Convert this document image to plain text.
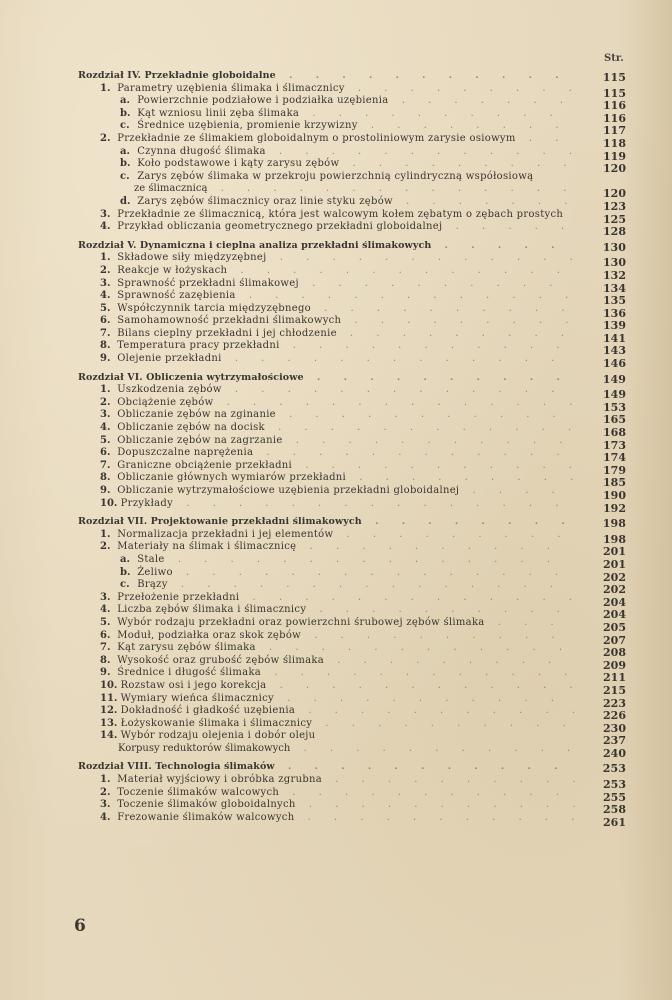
Str.
Rozdział IV. Przekładnie globoidalne . . . . . . . . . . .	115
1. Parametry uzębienia ślimaka i ślimacznicy . . . . . . . . . 115
a. Powierzchnie podziałowe i podziałka uzębienia . . . . . . .	116
b. Kąt wzniosu linii zęba ślimaka . . . . . . . . . .	116
c. Średnice uzębienia, promienie krzywizny . . . . . . . .	117
2. Przekładnie ze ślimakiem globoidalnym o prostoliniowym zarysie osiowym . .	118
a. Czynna długość ślimaka . . . . . . . . . . . . 119
b. Koło podstawowe i kąty zarysu zębów . . . . . . . . . 120
c. Zarys zębów ślimaka w przekroju powierzchnią cylindryczną współosiową
ze ślimacznicą . . . . . . . . . . . . . . 120
d. Zarys zębów ślimacznicy oraz linie styku zębów . . . . . . . 123
3. Przekładnie ze ślimacznicą, która jest walcowym kołem zębatym o zębach prostych	125
4. Przykład obliczania geometrycznego przekładni globoidalnej . . . . .	128
Rozdział V. Dynamiczna i cieplna analiza przekładni ślimakowych . . . . .	130
1. Składowe siły międzyzębnej . . . . . . . . . . . . 130
2. Reakcje w łożyskach . . . . . . . . . . . . .	132
3. Sprawność przekładni ślimakowej . . . . . . . . . .	134
4. Sprawność zazębienia . . . . . . . . . . . . . 135
5. Współczynnik tarcia międzyzębnego . . . . . . . . . .	136
6. Samohamowność przekładni ślimakowych . . . . . . . . . 139
7. Bilans cieplny przekładni i jej chłodzenie . . . . . . . . .	141
8. Temperatura pracy przekładni . . . . . . . . . . .	143
9. Olejenie przekładni . . . . . . . . . . . . .	146
Rozdział VI. Obliczenia wytrzymałościowe . . . . . . . . . .	149
1. Uszkodzenia zębów . . . . . . . . . . . . .	149
2. Obciążenie zębów . . . . . . . . . . . . . . 153
3. Obliczanie zębów na zginanie . . . . . . . . . . .	165
4. Obliczanie zębów na docisk . . . . . . . . . . . . 168
5. Obliczanie zębów na zagrzanie . . . . . . . . . . .	173
6. Dopuszczalne naprężenia . . . . . . . . . . . .	174
7. Graniczne obciążenie przekładni . . . . . . . . . . . 179
8. Obliczanie głównych wymiarów przekładni . . . . . . . . . 185
9. Obliczanie wytrzymałościowe uzębienia przekładni globoidalnej . . . .	190
10. Przykłady . . . . . . . . . . . . . . .	192
Rozdział VII. Projektowanie przekładni ślimakowych . . . . . . . .	198
1. Normalizacja przekładni i jej elementów . . . . . . . . .	198
2. Materiały na ślimak i ślimacznicę . . . . . . . . . .	201
a. Stale . . . . . . . . . . . . . . .	201
b. Żeliwo . . . . . . . . . . . . . . .	202
c. Brązy . . . . . . . . . . . . . . .	202
3. Przełożenie przekładni . . . . . . . . . . . . . 204
4. Liczba zębów ślimaka i ślimacznicy . . . . . . . . . .	204
5. Wybór rodzaju przekładni oraz powierzchni śrubowej zębów ślimaka . . .	205
6. Moduł, podziałka oraz skok zębów . . . . . . . . . .	207
7. Kąt zarysu zębów ślimaka . . . . . . . . . . . .	208
8. Wysokość oraz grubość zębów ślimaka . . . . . . . . .	209
9. Średnice i długość ślimaka . . . . . . . . . . . . 211
10. Rozstaw osi i jego korekcja . . . . . . . . . . . . 215
11. Wymiary wieńca ślimacznicy . . . . . . . . . . .	223
12. Dokładność i gładkość uzębienia . . . . . . . . . . . 226
13. Łożyskowanie ślimaka i ślimacznicy . . . . . . . . . . 230
14. Wybór rodzaju olejenia i dobór oleju	237
Korpusy reduktorów ślimakowych . . . . . . . . . . . 240
Rozdział VIII. Technologia ślimaków . . . . . . . . . . .	253
1. Materiał wyjściowy i obróbka zgrubna . . . . . . . . . . 253
2. Toczenie ślimaków walcowych . . . . . . . . . . .	255
3. Toczenie ślimaków globoidalnych . . . . . . . . . . . 258
4. Frezowanie ślimaków walcowych . . . . . . . . . . . 261
6
